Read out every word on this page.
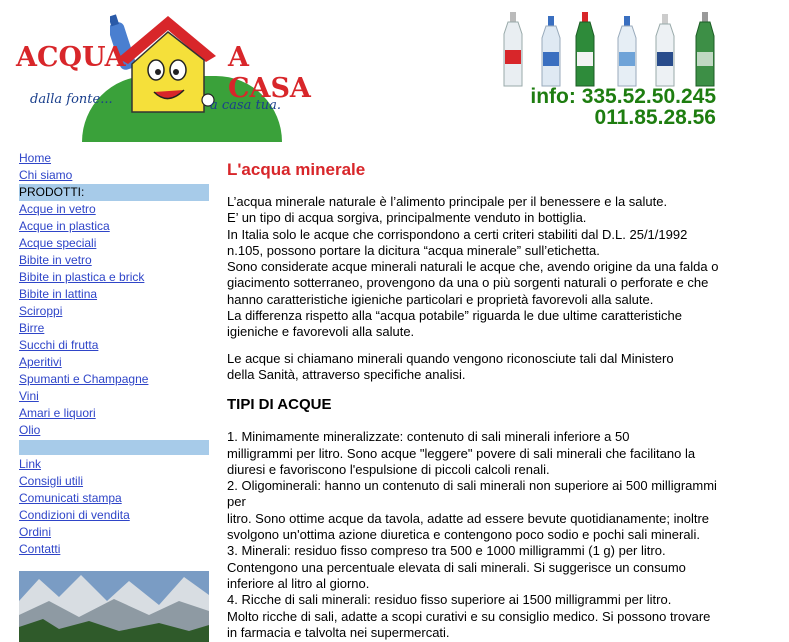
ACQUA	A CASA
dalla fonte...	a casa tua.	info: 335.52.50.245
011.85.28.56
Home
Chi siamo
PRODOTTI:
Acque in vetro
Acque in plastica
Acque speciali
Bibite in vetro
Bibite in plastica e brick
Bibite in lattina
Sciroppi
Birre
Succhi di frutta
Aperitivi
Spumanti e Champagne
Vini
Amari e liquori
Olio
Link
Consigli utili
Comunicati stampa
Condizioni di vendita
Ordini
Contatti
L'acqua minerale

L’acqua minerale naturale è l’alimento principale per il benessere e la salute.
E’ un tipo di acqua sorgiva, principalmente venduto in bottiglia.
In Italia solo le acque che corrispondono a certi criteri stabiliti dal D.L. 25/1/1992
n.105, possono portare la dicitura “acqua minerale” sull’etichetta.
Sono considerate acque minerali naturali le acque che, avendo origine da una falda o
giacimento sotterraneo, provengono da una o più sorgenti naturali o perforate e che
hanno caratteristiche igieniche particolari e proprietà favorevoli alla salute.
La differenza rispetto alla “acqua potabile” riguarda le due ultime caratteristiche
igieniche e favorevoli alla salute.

Le acque si chiamano minerali quando vengono riconosciute tali dal Ministero
della Sanità, attraverso specifiche analisi.

TIPI DI ACQUE

1. Minimamente mineralizzate: contenuto di sali minerali inferiore a 50
milligrammi per litro. Sono acque "leggere" povere di sali minerali che facilitano la
diuresi e favoriscono l'espulsione di piccoli calcoli renali.
2. Oligominerali: hanno un contenuto di sali minerali non superiore ai 500 milligrammi
per
litro. Sono ottime acque da tavola, adatte ad essere bevute quotidianamente; inoltre
svolgono un'ottima azione diuretica e contengono poco sodio e pochi sali minerali.
3. Minerali: residuo fisso compreso tra 500 e 1000 milligrammi (1 g) per litro.
Contengono una percentuale elevata di sali minerali. Si suggerisce un consumo
inferiore al litro al giorno.
4. Ricche di sali minerali: residuo fisso superiore ai 1500 milligrammi per litro.
Molto ricche di sali, adatte a scopi curativi e su consiglio medico. Si possono trovare
in farmacia e talvolta nei supermercati.
